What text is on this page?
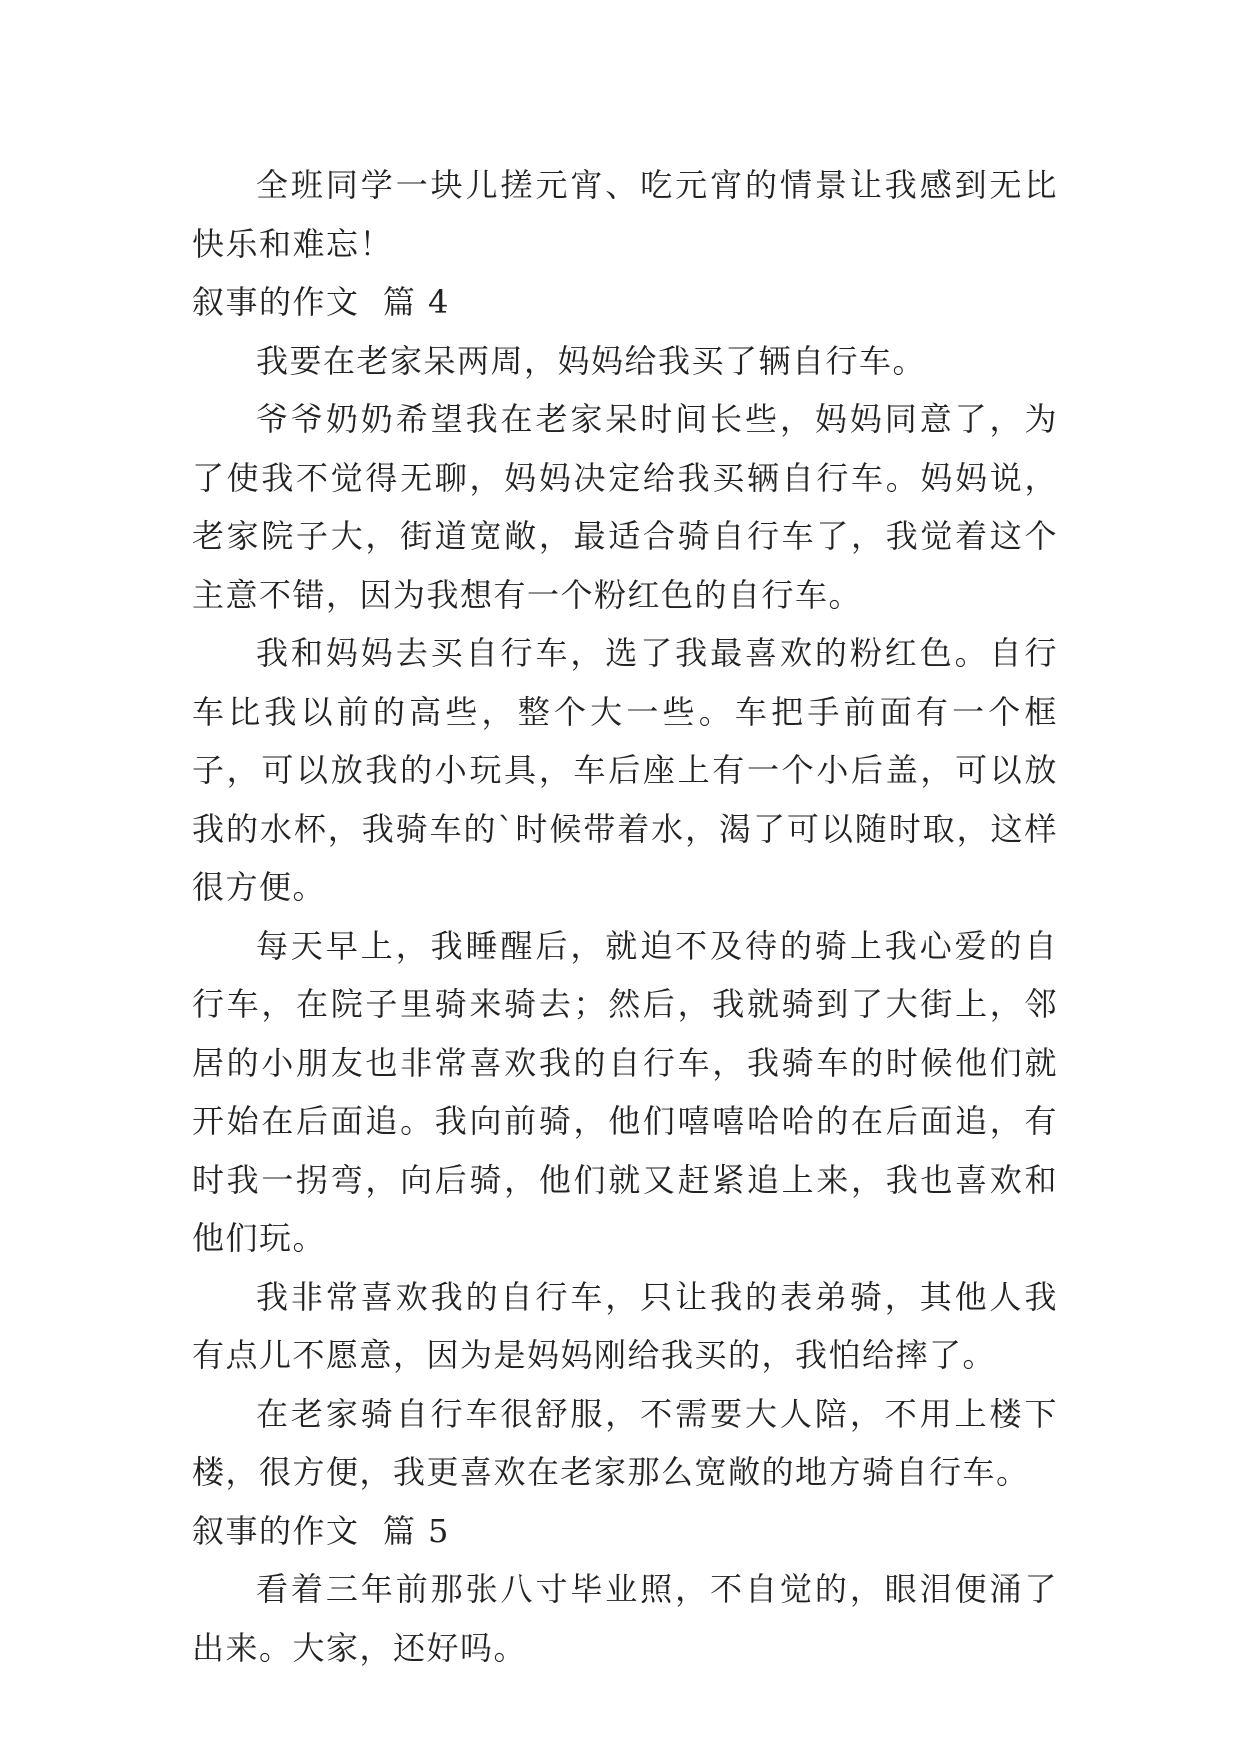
全班同学一块儿搓元宵、吃元宵的情景让我感到无比快乐和难忘！

叙事的作文  篇 4

我要在老家呆两周，妈妈给我买了辆自行车。

爷爷奶奶希望我在老家呆时间长些，妈妈同意了，为了使我不觉得无聊，妈妈决定给我买辆自行车。妈妈说，老家院子大，街道宽敞，最适合骑自行车了，我觉着这个主意不错，因为我想有一个粉红色的自行车。

我和妈妈去买自行车，选了我最喜欢的粉红色。自行车比我以前的高些，整个大一些。车把手前面有一个框子，可以放我的小玩具，车后座上有一个小后盖，可以放我的水杯，我骑车的`时候带着水，渴了可以随时取，这样很方便。

每天早上，我睡醒后，就迫不及待的骑上我心爱的自行车，在院子里骑来骑去；然后，我就骑到了大街上，邻居的小朋友也非常喜欢我的自行车，我骑车的时候他们就开始在后面追。我向前骑，他们嘻嘻哈哈的在后面追，有时我一拐弯，向后骑，他们就又赶紧追上来，我也喜欢和他们玩。

我非常喜欢我的自行车，只让我的表弟骑，其他人我有点儿不愿意，因为是妈妈刚给我买的，我怕给摔了。

在老家骑自行车很舒服，不需要大人陪，不用上楼下楼，很方便，我更喜欢在老家那么宽敞的地方骑自行车。

叙事的作文  篇 5

看着三年前那张八寸毕业照，不自觉的，眼泪便涌了出来。大家，还好吗。
